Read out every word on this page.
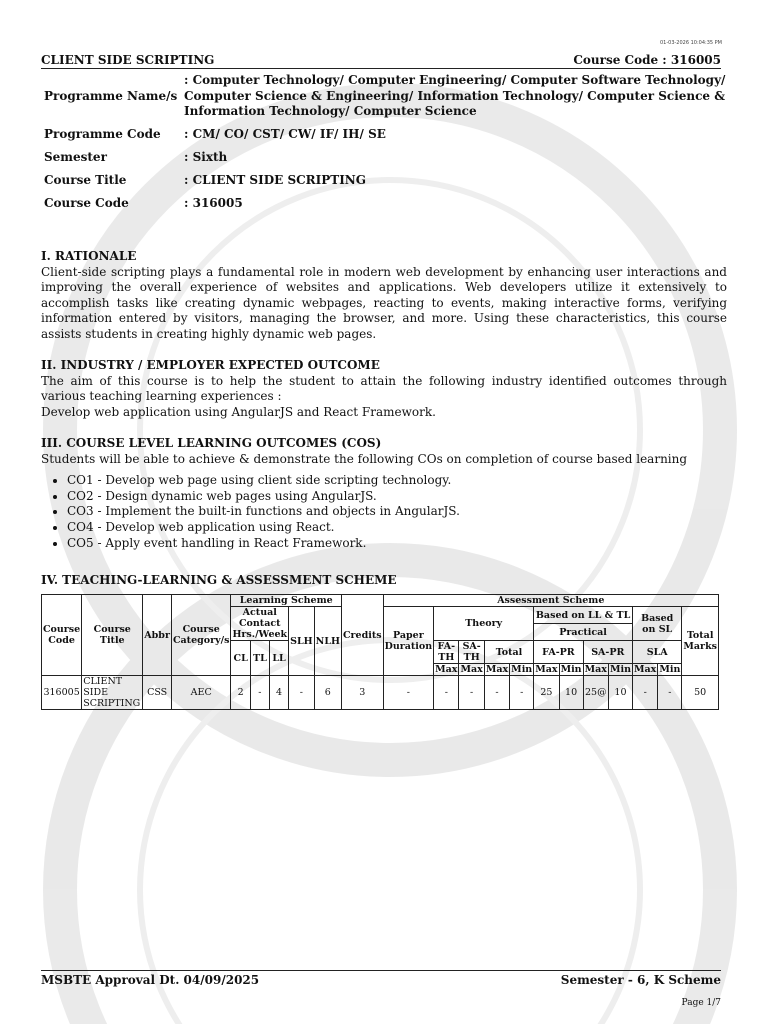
01-03-2026 10:04:35 PM
CLIENT SIDE SCRIPTING	Course Code : 316005
Programme Name/s
: Computer Technology/ Computer Engineering/ Computer Software Technology/ Computer Science & Engineering/ Information Technology/ Computer Science & Information Technology/ Computer Science
Programme Code	: CM/ CO/ CST/ CW/ IF/ IH/ SE
Semester	: Sixth
Course Title	: CLIENT SIDE SCRIPTING
Course Code	: 316005
I. RATIONALE

Client-side scripting plays a fundamental role in modern web development by enhancing user interactions and improving the overall experience of websites and applications. Web developers utilize it extensively to accomplish tasks like creating dynamic webpages, reacting to events, making interactive forms, verifying information entered by visitors, managing the browser, and more. Using these characteristics, this course assists students in creating highly dynamic web pages.

II. INDUSTRY / EMPLOYER EXPECTED OUTCOME

The aim of this course is to help the student to attain the following industry identified outcomes through various teaching learning experiences :

Develop web application using AngularJS and React Framework.

III. COURSE LEVEL LEARNING OUTCOMES (COS)

Students will be able to achieve & demonstrate the following COs on completion of course based learning

• CO1 - Develop web page using client side scripting technology.
• CO2 - Design dynamic web pages using AngularJS.
• CO3 - Implement the built-in functions and objects in AngularJS.
• CO4 - Develop web application using React.
• CO5 - Apply event handling in React Framework.
IV. TEACHING-LEARNING & ASSESSMENT SCHEME
Course Code	Course Title	Abbr	Course Category/s	Learning Scheme					Credits	Assessment Scheme											
				Actual Contact Hrs./Week			SLH	NLH		Paper Duration	Theory				Based on LL & TL				Based on SL		Total Marks
															Practical						
				CL	TL	LL					FA-TH	SA-TH	Total		FA-PR		SA-PR		SLA		
											Max	Max	Max	Min	Max	Min	Max	Min	Max	Min	
316005	CLIENT SIDE SCRIPTING	CSS	AEC	2	-	4	-	6	3	-	-	-	-	-	25	10	25@	10	-	-	50
MSBTE Approval Dt. 04/09/2025	Semester - 6, K Scheme
Page 1/7
